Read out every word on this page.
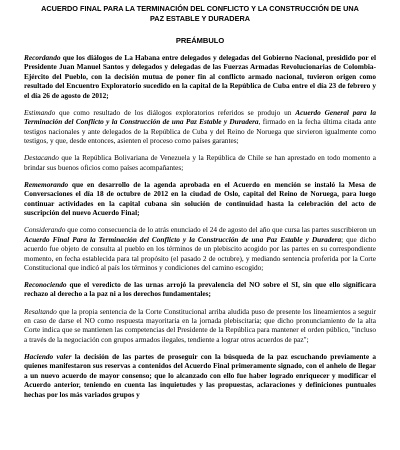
ACUERDO FINAL PARA LA TERMINACIÓN DEL CONFLICTO Y LA CONSTRUCCIÓN DE UNA PAZ ESTABLE Y DURADERA
PREÁMBULO

Recordando que los diálogos de La Habana entre delegados y delegadas del Gobierno Nacional, presidido por el Presidente Juan Manuel Santos y delegados y delegadas de las Fuerzas Armadas Revolucionarias de Colombia-Ejército del Pueblo, con la decisión mutua de poner fin al conflicto armado nacional, tuvieron origen como resultado del Encuentro Exploratorio sucedido en la capital de la República de Cuba entre el día 23 de febrero y el día 26 de agosto de 2012;

Estimando que como resultado de los diálogos exploratorios referidos se produjo un Acuerdo General para la Terminación del Conflicto y la Construcción de una Paz Estable y Duradera, firmado en la fecha última citada ante testigos nacionales y ante delegados de la República de Cuba y del Reino de Noruega que sirvieron igualmente como testigos, y que, desde entonces, asienten el proceso como países garantes;

Destacando que la República Bolivariana de Venezuela y la República de Chile se han aprestado en todo momento a brindar sus buenos oficios como países acompañantes;

Rememorando que en desarrollo de la agenda aprobada en el Acuerdo en mención se instaló la Mesa de Conversaciones el día 18 de octubre de 2012 en la ciudad de Oslo, capital del Reino de Noruega, para luego continuar actividades en la capital cubana sin solución de continuidad hasta la celebración del acto de suscripción del nuevo Acuerdo Final;

Considerando que como consecuencia de lo atrás enunciado el 24 de agosto del año que cursa las partes suscribieron un Acuerdo Final Para la Terminación del Conflicto y la Construcción de una Paz Estable y Duradera; que dicho acuerdo fue objeto de consulta al pueblo en los términos de un plebiscito acogido por las partes en su correspondiente momento, en fecha establecida para tal propósito (el pasado 2 de octubre), y mediando sentencia proferida por la Corte Constitucional que indicó al país los términos y condiciones del camino escogido;

Reconociendo que el veredicto de las urnas arrojó la prevalencia del NO sobre el SI, sin que ello significara rechazo al derecho a la paz ni a los derechos fundamentales;

Resaltando que la propia sentencia de la Corte Constitucional arriba aludida puso de presente los lineamientos a seguir en caso de darse el NO como respuesta mayoritaria en la jornada plebiscitaria; que dicho pronunciamiento de la alta Corte indica que se mantienen las competencias del Presidente de la República para mantener el orden público, "incluso a través de la negociación con grupos armados ilegales, tendiente a lograr otros acuerdos de paz";

Haciendo valer la decisión de las partes de proseguir con la búsqueda de la paz escuchando previamente a quienes manifestaron sus reservas a contenidos del Acuerdo Final primeramente signado, con el anhelo de llegar a un nuevo acuerdo de mayor consenso; que lo alcanzado con ello fue haber logrado enriquecer y modificar el Acuerdo anterior, teniendo en cuenta las inquietudes y las propuestas, aclaraciones y definiciones puntuales hechas por los más variados grupos y
